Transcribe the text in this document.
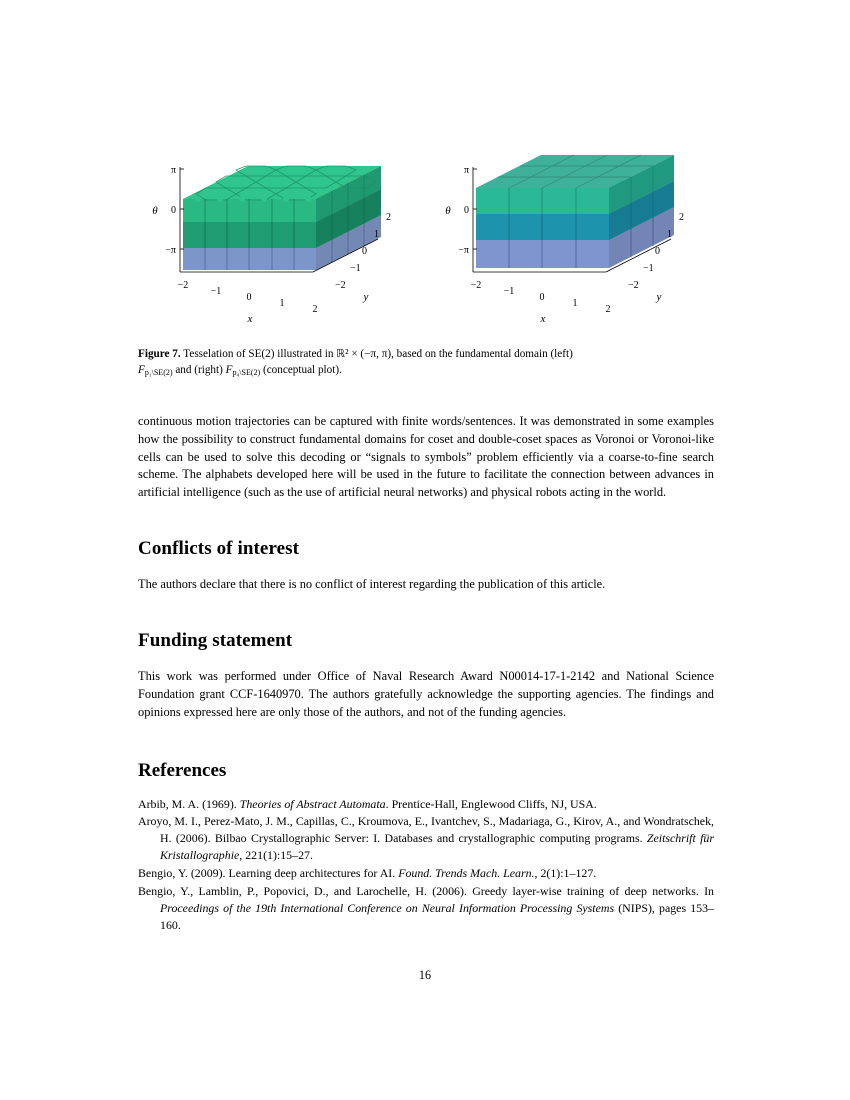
π
0
−π
−2
−1
0
1
2
2
1
0
−1
−2
x
y
θ
π
0
−π
−2
−1
0
1
2
2
1
0
−1
−2
x
y
θ
Figure 7. Tesselation of SE(2) illustrated in ℝ² × (−π, π), based on the fundamental domain (left)
$F_{p_1\backslash SE(2)}$ and (right) $F_{p_4\backslash SE(2)}$ (conceptual plot).

continuous motion trajectories can be captured with finite words/sentences. It was demonstrated in some examples how the possibility to construct fundamental domains for coset and double-coset spaces as Voronoi or Voronoi-like cells can be used to solve this decoding or “signals to symbols” problem efficiently via a coarse-to-fine search scheme. The alphabets developed here will be used in the future to facilitate the connection between advances in artificial intelligence (such as the use of artificial neural networks) and physical robots acting in the world.

Conflicts of interest

The authors declare that there is no conflict of interest regarding the publication of this article.

Funding statement

This work was performed under Office of Naval Research Award N00014-17-1-2142 and National Science Foundation grant CCF-1640970. The authors gratefully acknowledge the supporting agencies. The findings and opinions expressed here are only those of the authors, and not of the funding agencies.

References
Arbib, M. A. (1969). Theories of Abstract Automata. Prentice-Hall, Englewood Cliffs, NJ, USA.
Aroyo, M. I., Perez-Mato, J. M., Capillas, C., Kroumova, E., Ivantchev, S., Madariaga, G., Kirov, A., and Wondratschek, H. (2006). Bilbao Crystallographic Server: I. Databases and crystallographic computing programs. Zeitschrift für Kristallographie, 221(1):15–27.
Bengio, Y. (2009). Learning deep architectures for AI. Found. Trends Mach. Learn., 2(1):1–127.
Bengio, Y., Lamblin, P., Popovici, D., and Larochelle, H. (2006). Greedy layer-wise training of deep networks. In Proceedings of the 19th International Conference on Neural Information Processing Systems (NIPS), pages 153–160.
16
